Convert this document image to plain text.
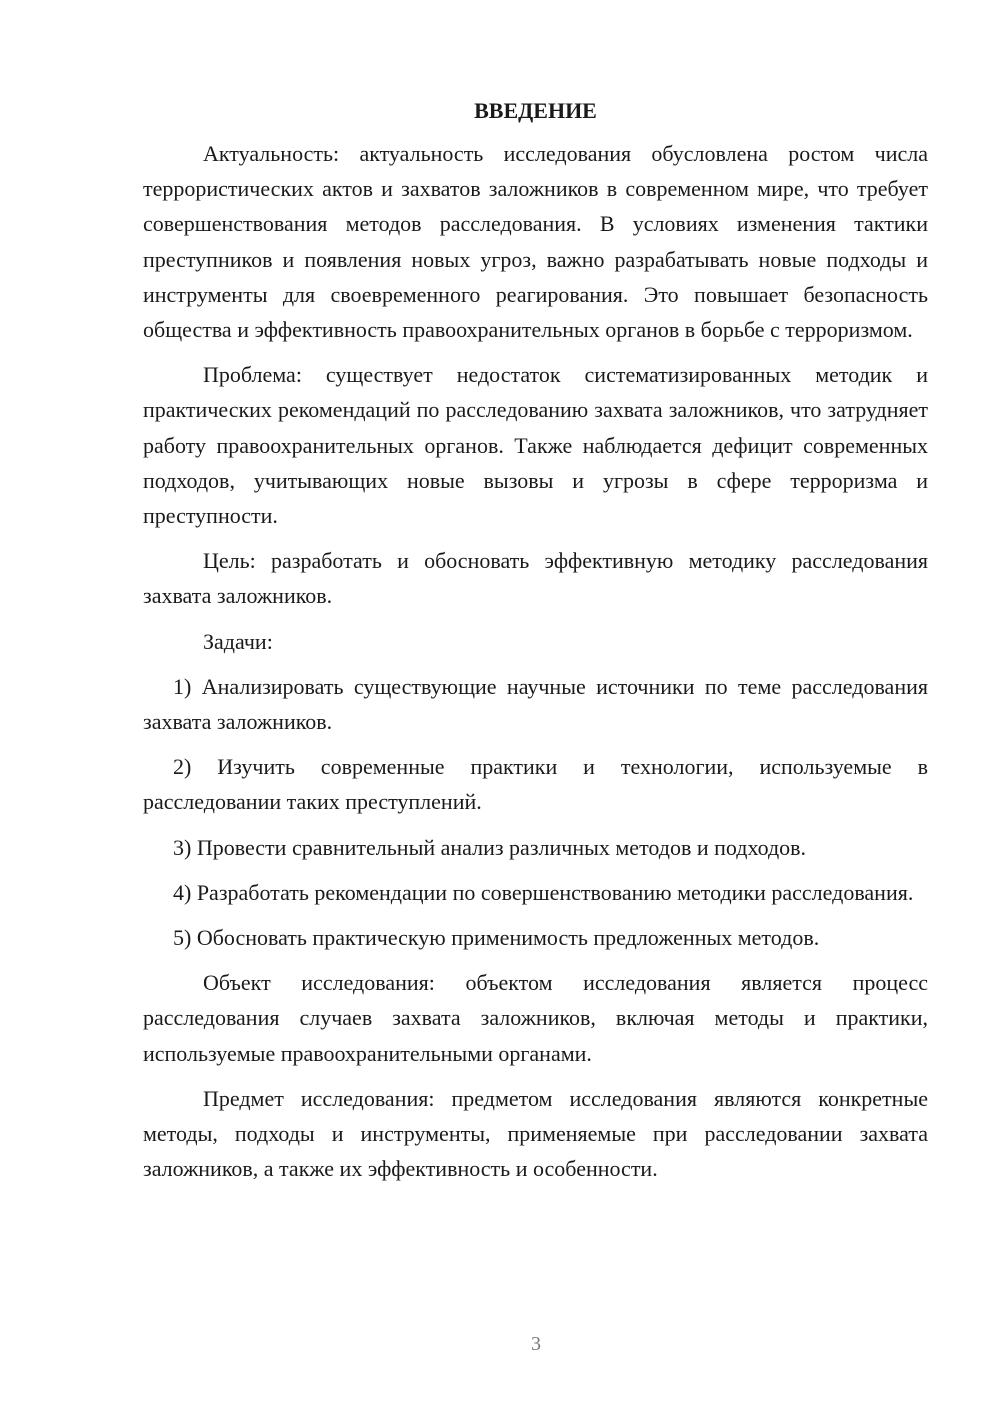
ВВЕДЕНИЕ

Актуальность: актуальность исследования обусловлена ростом числа террористических актов и захватов заложников в современном мире, что требует совершенствования методов расследования. В условиях изменения тактики преступников и появления новых угроз, важно разрабатывать новые подходы и инструменты для своевременного реагирования. Это повышает безопасность общества и эффективность правоохранительных органов в борьбе с терроризмом.

Проблема: существует недостаток систематизированных методик и практических рекомендаций по расследованию захвата заложников, что затрудняет работу правоохранительных органов. Также наблюдается дефицит современных подходов, учитывающих новые вызовы и угрозы в сфере терроризма и преступности.

Цель: разработать и обосновать эффективную методику расследования захвата заложников.

Задачи:

1) Анализировать существующие научные источники по теме расследования захвата заложников.

2) Изучить современные практики и технологии, используемые в расследовании таких преступлений.

3) Провести сравнительный анализ различных методов и подходов.

4) Разработать рекомендации по совершенствованию методики расследования.

5) Обосновать практическую применимость предложенных методов.

Объект исследования: объектом исследования является процесс расследования случаев захвата заложников, включая методы и практики, используемые правоохранительными органами.

Предмет исследования: предметом исследования являются конкретные методы, подходы и инструменты, применяемые при расследовании захвата заложников, а также их эффективность и особенности.

3
